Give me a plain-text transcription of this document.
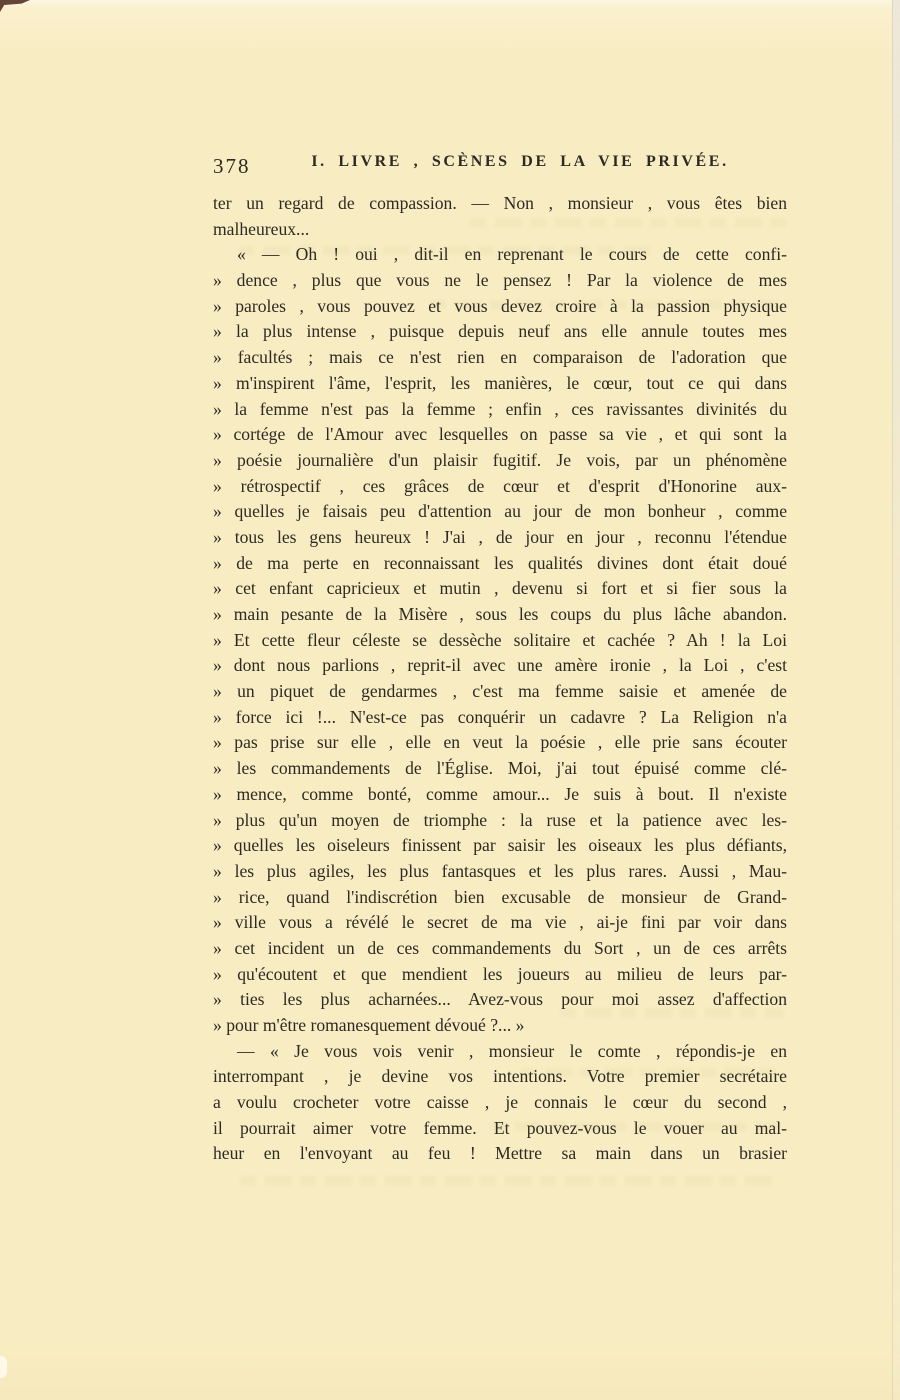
378	I. LIVRE , SCÈNES DE LA VIE PRIVÉE.
ter un regard de compassion. — Non , monsieur , vous êtes bien
malheureux...
« — Oh ! oui , dit-il en reprenant le cours de cette confi-
» dence , plus que vous ne le pensez ! Par la violence de mes
» paroles , vous pouvez et vous devez croire à la passion physique
» la plus intense , puisque depuis neuf ans elle annule toutes mes
» facultés ; mais ce n'est rien en comparaison de l'adoration que
» m'inspirent l'âme, l'esprit, les manières, le cœur, tout ce qui dans
» la femme n'est pas la femme ; enfin , ces ravissantes divinités du
» cortége de l'Amour avec lesquelles on passe sa vie , et qui sont la
» poésie journalière d'un plaisir fugitif. Je vois, par un phénomène
» rétrospectif , ces grâces de cœur et d'esprit d'Honorine aux-
» quelles je faisais peu d'attention au jour de mon bonheur , comme
» tous les gens heureux ! J'ai , de jour en jour , reconnu l'étendue
» de ma perte en reconnaissant les qualités divines dont était doué
» cet enfant capricieux et mutin , devenu si fort et si fier sous la
» main pesante de la Misère , sous les coups du plus lâche abandon.
» Et cette fleur céleste se dessèche solitaire et cachée ? Ah ! la Loi
» dont nous parlions , reprit-il avec une amère ironie , la Loi , c'est
» un piquet de gendarmes , c'est ma femme saisie et amenée de
» force ici !... N'est-ce pas conquérir un cadavre ? La Religion n'a
» pas prise sur elle , elle en veut la poésie , elle prie sans écouter
» les commandements de l'Église. Moi, j'ai tout épuisé comme clé-
» mence, comme bonté, comme amour... Je suis à bout. Il n'existe
» plus qu'un moyen de triomphe : la ruse et la patience avec les-
» quelles les oiseleurs finissent par saisir les oiseaux les plus défiants,
» les plus agiles, les plus fantasques et les plus rares. Aussi , Mau-
» rice, quand l'indiscrétion bien excusable de monsieur de Grand-
» ville vous a révélé le secret de ma vie , ai-je fini par voir dans
» cet incident un de ces commandements du Sort , un de ces arrêts
» qu'écoutent et que mendient les joueurs au milieu de leurs par-
» ties les plus acharnées... Avez-vous pour moi assez d'affection
» pour m'être romanesquement dévoué ?... »
— « Je vous vois venir , monsieur le comte , répondis-je en
interrompant , je devine vos intentions. Votre premier secrétaire
a voulu crocheter votre caisse , je connais le cœur du second ,
il pourrait aimer votre femme. Et pouvez-vous le vouer au mal-
heur en l'envoyant au feu ! Mettre sa main dans un brasier
